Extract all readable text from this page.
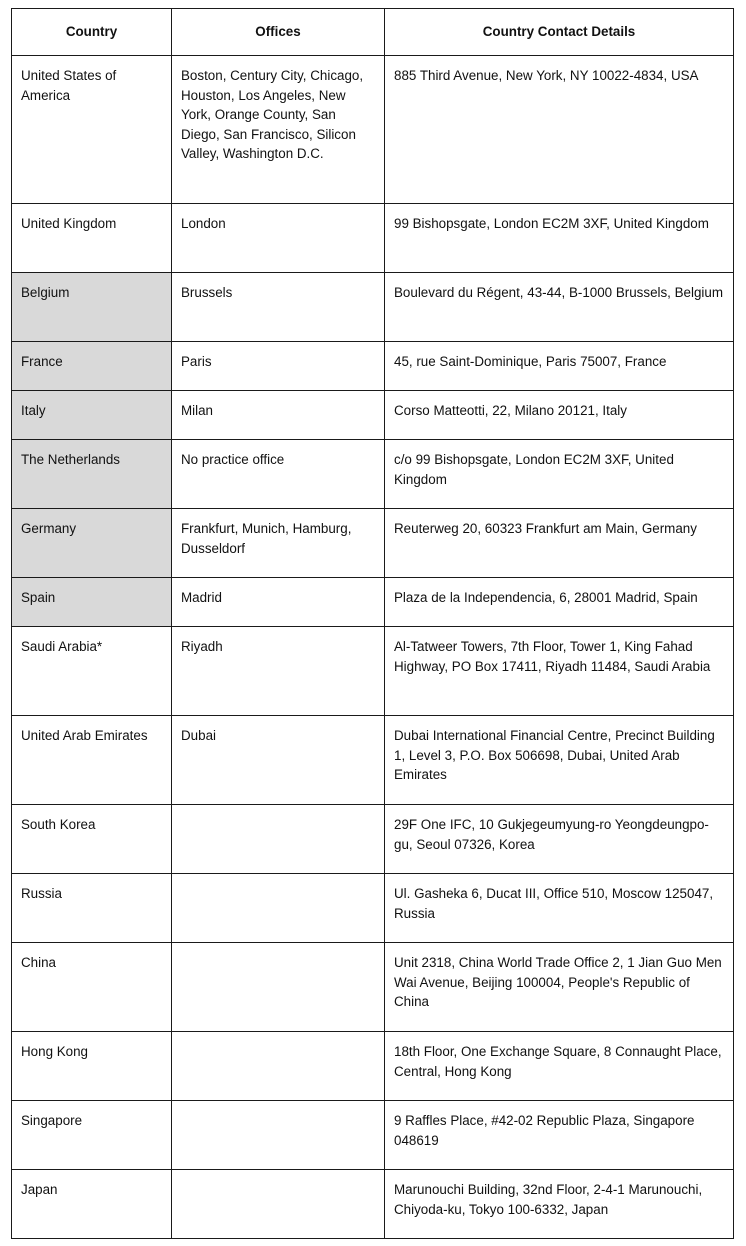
Country	Offices	Country Contact Details
United States of America	Boston, Century City, Chicago, Houston, Los Angeles, New York, Orange County, San Diego, San Francisco, Silicon Valley, Washington D.C.	885 Third Avenue, New York, NY 10022-4834, USA
United Kingdom	London	99 Bishopsgate, London EC2M 3XF, United Kingdom
Belgium	Brussels	Boulevard du Régent, 43-44, B-1000 Brussels, Belgium
France	Paris	45, rue Saint-Dominique, Paris 75007, France
Italy	Milan	Corso Matteotti, 22, Milano 20121, Italy
The Netherlands	No practice office	c/o 99 Bishopsgate, London EC2M 3XF, United Kingdom
Germany	Frankfurt, Munich, Hamburg, Dusseldorf	Reuterweg 20, 60323 Frankfurt am Main, Germany
Spain	Madrid	Plaza de la Independencia, 6, 28001 Madrid, Spain
Saudi Arabia*	Riyadh	Al-Tatweer Towers, 7th Floor, Tower 1, King Fahad Highway, PO Box 17411, Riyadh 11484, Saudi Arabia
United Arab Emirates	Dubai	Dubai International Financial Centre, Precinct Building 1, Level 3, P.O. Box 506698, Dubai, United Arab Emirates
South Korea		29F One IFC, 10 Gukjegeumyung-ro Yeongdeungpo-gu, Seoul 07326, Korea
Russia		Ul. Gasheka 6, Ducat III, Office 510, Moscow 125047, Russia
China		Unit 2318, China World Trade Office 2, 1 Jian Guo Men Wai Avenue, Beijing 100004, People's Republic of China
Hong Kong		18th Floor, One Exchange Square, 8 Connaught Place, Central, Hong Kong
Singapore		9 Raffles Place, #42-02 Republic Plaza, Singapore 048619
Japan		Marunouchi Building, 32nd Floor, 2-4-1 Marunouchi, Chiyoda-ku, Tokyo 100-6332, Japan
